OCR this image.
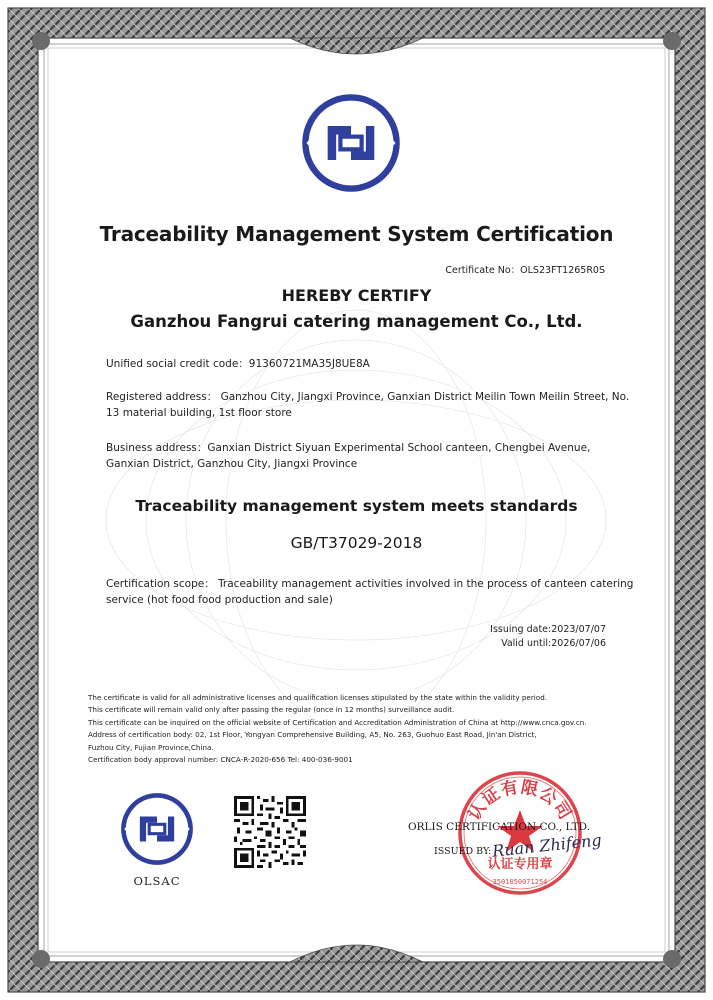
Traceability Management System Certification
Certificate No：OLS23FT1265R0S
HEREBY CERTIFY
Ganzhou Fangrui catering management Co., Ltd.
Unified social credit code：91360721MA35J8UE8A
Registered address： Ganzhou City, Jiangxi Province, Ganxian District Meilin Town Meilin Street, No. 13 material building, 1st floor store
Business address：Ganxian District Siyuan Experimental School canteen, Chengbei Avenue, Ganxian District, Ganzhou City, Jiangxi Province
Traceability management system meets standards
GB/T37029-2018
Certification scope： Traceability management activities involved in the process of canteen catering service (hot food food production and sale)
Issuing date:2023/07/07
Valid until:2026/07/06
The certificate is valid for all administrative licenses and qualification licenses stipulated by the state within the validity period.
This certificate will remain valid only after passing the regular (once in 12 months) surveillance audit.
This certificate can be inquired on the official website of Certification and Accreditation Administration of China at http://www.cnca.gov.cn.
Address of certification body: 02, 1st Floor, Yongyan Comprehensive Building, A5, No. 263, Guohuo East Road, Jin'an District,
Fuzhou City, Fujian Province,China.
Certification body approval number: CNCA-R-2020-656 Tel: 400-036-9001
OLSAC
认证有限公司
认证专用章
3501050071254
ORLIS CERTIFICATION CO., LTD.
ISSUED BY: Ruan Zhifeng
